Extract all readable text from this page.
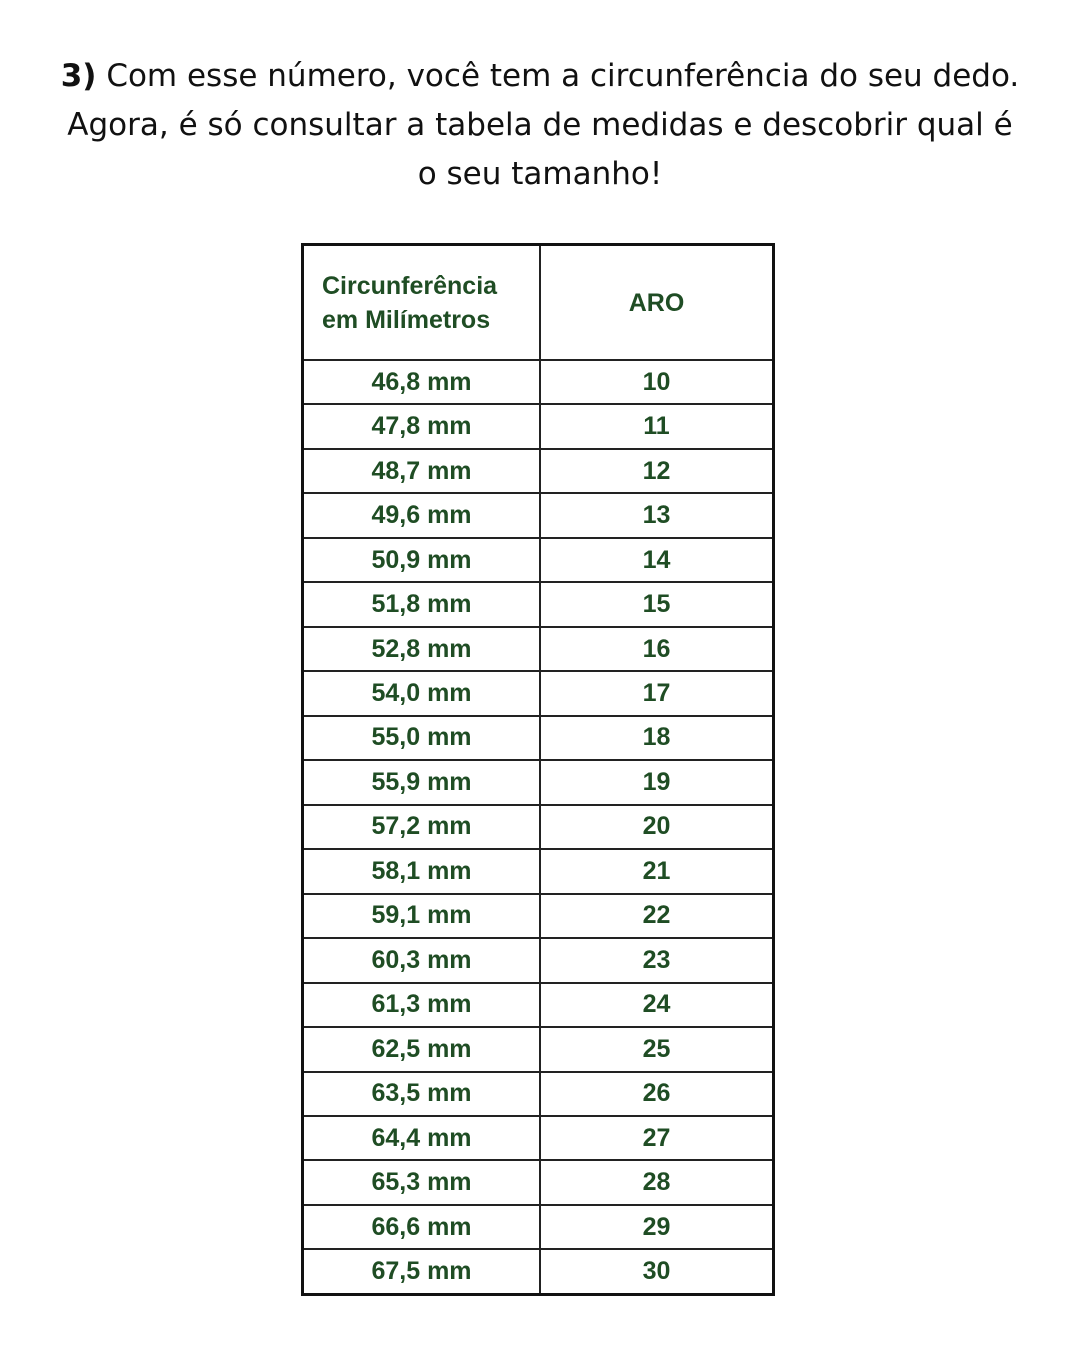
3) Com esse número, você tem a circunferência do seu dedo. Agora, é só consultar a tabela de medidas e descobrir qual é o seu tamanho!
Circunferência em Milímetros	ARO
46,8 mm	10
47,8 mm	11
48,7 mm	12
49,6 mm	13
50,9 mm	14
51,8 mm	15
52,8 mm	16
54,0 mm	17
55,0 mm	18
55,9 mm	19
57,2 mm	20
58,1 mm	21
59,1 mm	22
60,3 mm	23
61,3 mm	24
62,5 mm	25
63,5 mm	26
64,4 mm	27
65,3 mm	28
66,6 mm	29
67,5 mm	30
